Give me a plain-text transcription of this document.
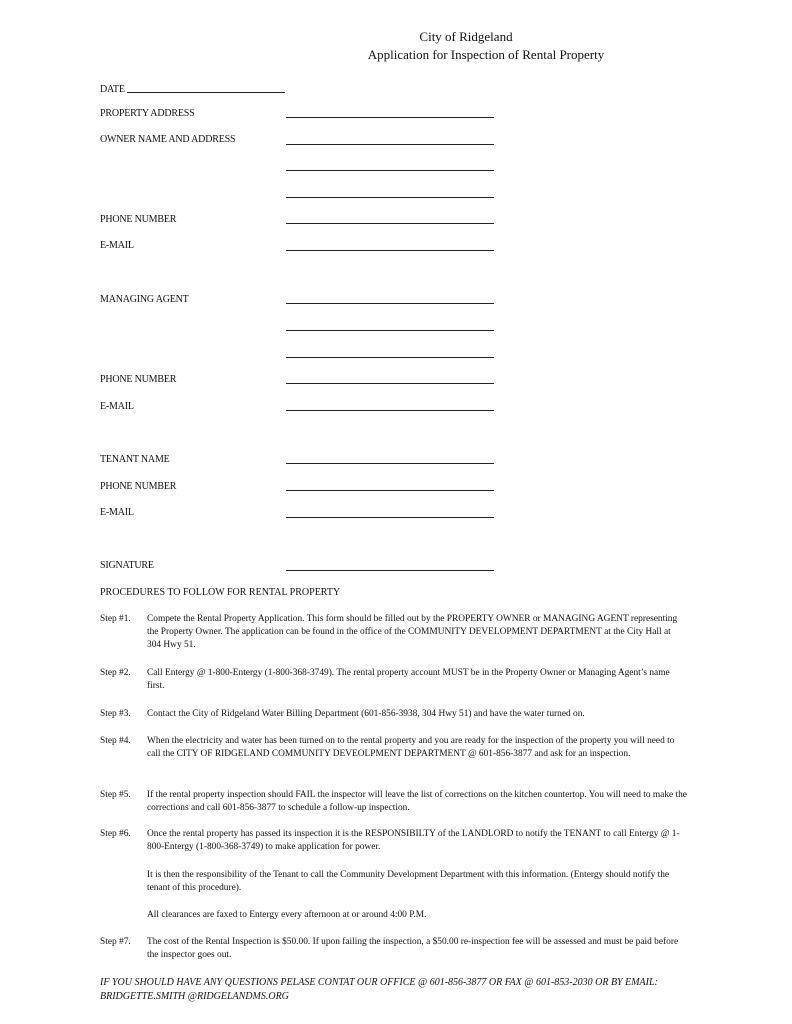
City of Ridgeland
Application for Inspection of Rental Property
DATE
PROPERTY ADDRESS
OWNER NAME AND ADDRESS
PHONE NUMBER
E-MAIL
MANAGING AGENT
PHONE NUMBER
E-MAIL
TENANT NAME
PHONE NUMBER
E-MAIL
SIGNATURE
PROCEDURES TO FOLLOW FOR RENTAL PROPERTY
Step #1.	Compete the Rental Property Application. This form should be filled out by the PROPERTY OWNER or MANAGING AGENT representing the Property Owner. The application can be found in the office of the COMMUNITY DEVELOPMENT DEPARTMENT at the City Hall at 304 Hwy 51.
Step #2.	Call Entergy @ 1-800-Entergy (1-800-368-3749). The rental property account MUST be in the Property Owner or Managing Agent’s name first.
Step #3.	Contact the City of Ridgeland Water Billing Department (601-856-3938, 304 Hwy 51) and have the water turned on.
Step #4.	When the electricity and water has been turned on to the rental property and you are ready for the inspection of the property you will need to call the CITY OF RIDGELAND COMMUNITY DEVEOLPMENT DEPARTMENT @ 601-856-3877 and ask for an inspection.
Step #5.	If the rental property inspection should FAIL the inspector will leave the list of corrections on the kitchen countertop. You will need to make the corrections and call 601-856-3877 to schedule a follow-up inspection.
Step #6.	Once the rental property has passed its inspection it is the RESPONSIBILTY of the LANDLORD to notify the TENANT to call Entergy @ 1-800-Entergy (1-800-368-3749) to make application for power.
It is then the responsibility of the Tenant to call the Community Development Department with this information. (Entergy should notify the tenant of this procedure).
All clearances are faxed to Entergy every afternoon at or around 4:00 P.M.
Step #7.	The cost of the Rental Inspection is $50.00. If upon failing the inspection, a $50.00 re-inspection fee will be assessed and must be paid before the inspector goes out.
IF YOU SHOULD HAVE ANY QUESTIONS PELASE CONTAT OUR OFFICE @ 601-856-3877 OR FAX @ 601-853-2030 OR BY EMAIL: BRIDGETTE.SMITH @RIDGELANDMS.ORG
